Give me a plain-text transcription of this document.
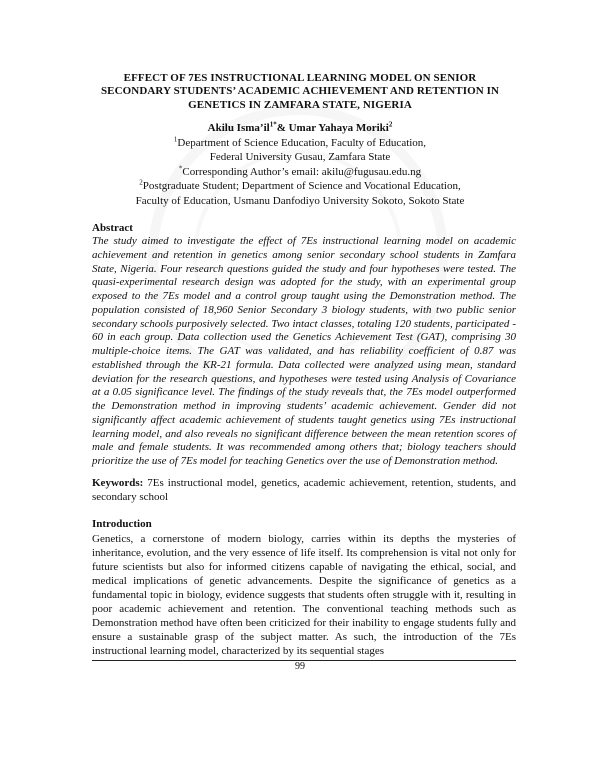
EFFECT OF 7ES INSTRUCTIONAL LEARNING MODEL ON SENIOR SECONDARY STUDENTS’ ACADEMIC ACHIEVEMENT AND RETENTION IN GENETICS IN ZAMFARA STATE, NIGERIA
Akilu $Isma’il^{1*}\&$ Umar Yahaya Moriki$^2$
$^1$Department of Science Education, Faculty of Education,
Federal University Gusau, Zamfara State
*Corresponding Author’s email: akilu@fugusau.edu.ng
$^2$Postgraduate Student; Department of Science and Vocational Education,
Faculty of Education, Usmanu Danfodiyo University Sokoto, Sokoto State
Abstract
The study aimed to investigate the effect of 7Es instructional learning model on academic achievement and retention in genetics among senior secondary school students in Zamfara State, Nigeria. Four research questions guided the study and four hypotheses were tested. The quasi-experimental research design was adopted for the study, with an experimental group exposed to the 7Es model and a control group taught using the Demonstration method. The population consisted of 18,960 Senior Secondary 3 biology students, with two public senior secondary schools purposively selected. Two intact classes, totaling 120 students, participated - 60 in each group. Data collection used the Genetics Achievement Test (GAT), comprising 30 multiple-choice items. The GAT was validated, and has reliability coefficient of 0.87 was established through the KR-21 formula. Data collected were analyzed using mean, standard deviation for the research questions, and hypotheses were tested using Analysis of Covariance at a 0.05 significance level. The findings of the study reveals that, the 7Es model outperformed the Demonstration method in improving students’ academic achievement. Gender did not significantly affect academic achievement of students taught genetics using 7Es instructional learning model, and also reveals no significant difference between the mean retention scores of male and female students. It was recommended among others that; biology teachers should prioritize the use of 7Es model for teaching Genetics over the use of Demonstration method.
Keywords: 7Es instructional model, genetics, academic achievement, retention, students, and secondary school
Introduction
Genetics, a cornerstone of modern biology, carries within its depths the mysteries of inheritance, evolution, and the very essence of life itself. Its comprehension is vital not only for future scientists but also for informed citizens capable of navigating the ethical, social, and medical implications of genetic advancements. Despite the significance of genetics as a fundamental topic in biology, evidence suggests that students often struggle with it, resulting in poor academic achievement and retention. The conventional teaching methods such as Demonstration method have often been criticized for their inability to engage students fully and ensure a sustainable grasp of the subject matter. As such, the introduction of the 7Es instructional learning model, characterized by its sequential stages
99
